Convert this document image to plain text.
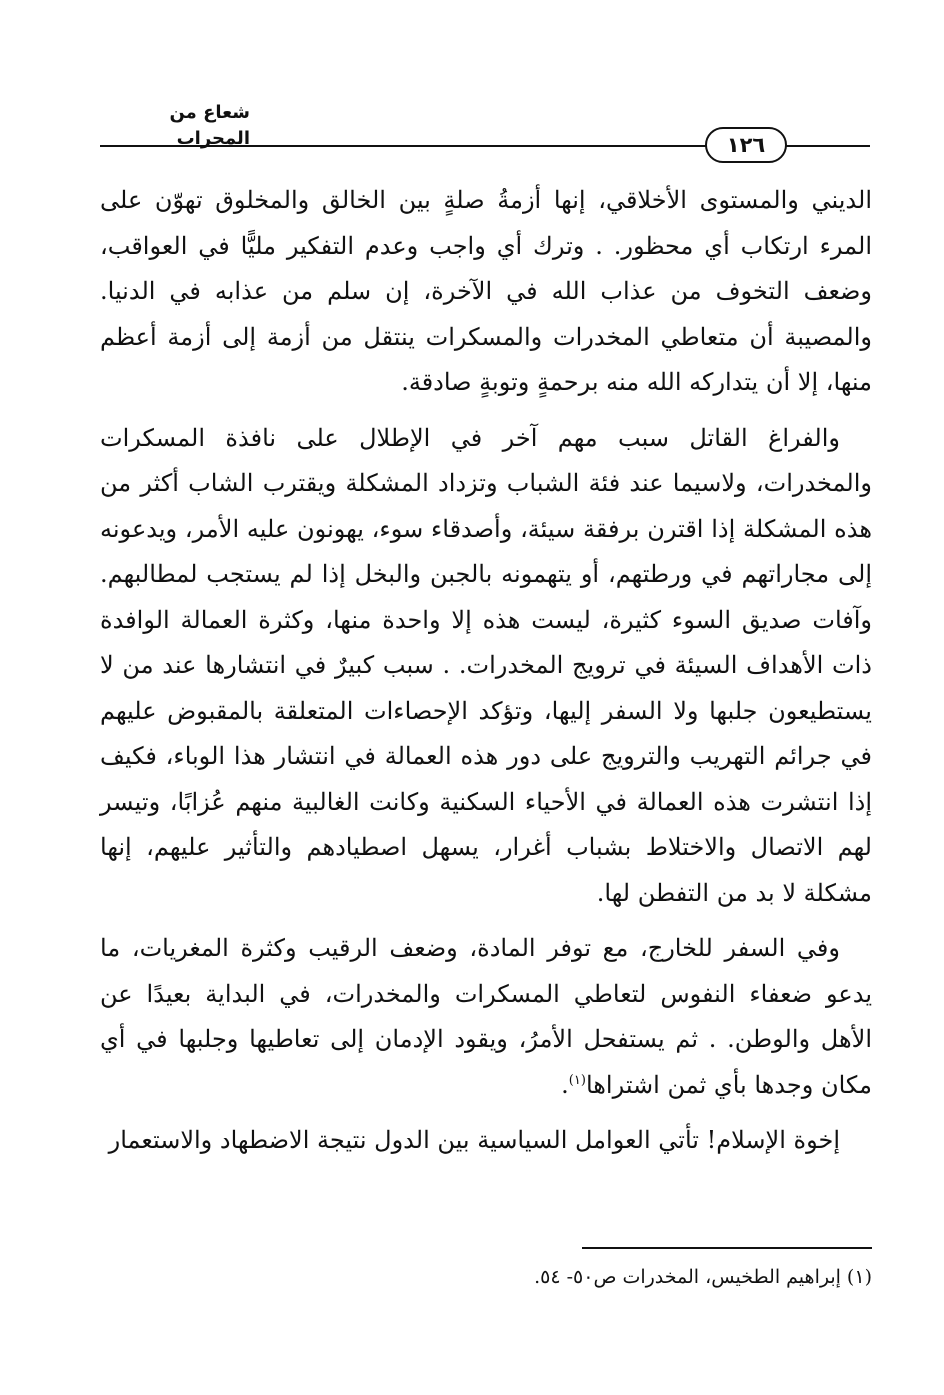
شعاع من المحراب	١٢٦

الديني والمستوى الأخلاقي، إنها أزمةُ صلةٍ بين الخالق والمخلوق تهوّن على المرء ارتكاب أي محظور. . وترك أي واجب وعدم التفكير مليًّا في العواقب، وضعف التخوف من عذاب الله في الآخرة، إن سلم من عذابه في الدنيا. والمصيبة أن متعاطي المخدرات والمسكرات ينتقل من أزمة إلى أزمة أعظم منها، إلا أن يتداركه الله منه برحمةٍ وتوبةٍ صادقة.

والفراغ القاتل سبب مهم آخر في الإطلال على نافذة المسكرات والمخدرات، ولاسيما عند فئة الشباب وتزداد المشكلة ويقترب الشاب أكثر من هذه المشكلة إذا اقترن برفقة سيئة، وأصدقاء سوء، يهونون عليه الأمر، ويدعونه إلى مجاراتهم في ورطتهم، أو يتهمونه بالجبن والبخل إذا لم يستجب لمطالبهم. وآفات صديق السوء كثيرة، ليست هذه إلا واحدة منها، وكثرة العمالة الوافدة ذات الأهداف السيئة في ترويج المخدرات. . سبب كبيرٌ في انتشارها عند من لا يستطيعون جلبها ولا السفر إليها، وتؤكد الإحصاءات المتعلقة بالمقبوض عليهم في جرائم التهريب والترويج على دور هذه العمالة في انتشار هذا الوباء، فكيف إذا انتشرت هذه العمالة في الأحياء السكنية وكانت الغالبية منهم عُزابًا، وتيسر لهم الاتصال والاختلاط بشباب أغرار، يسهل اصطيادهم والتأثير عليهم، إنها مشكلة لا بد من التفطن لها.

وفي السفر للخارج، مع توفر المادة، وضعف الرقيب وكثرة المغريات، ما يدعو ضعفاء النفوس لتعاطي المسكرات والمخدرات، في البداية بعيدًا عن الأهل والوطن. . ثم يستفحل الأمرُ، ويقود الإدمان إلى تعاطيها وجلبها في أي مكان وجدها بأي ثمن اشتراها$^{(١)}$.

إخوة الإسلام! تأتي العوامل السياسية بين الدول نتيجة الاضطهاد والاستعمار

(١) إبراهيم الطخيس، المخدرات ص٥٠- ٥٤.
